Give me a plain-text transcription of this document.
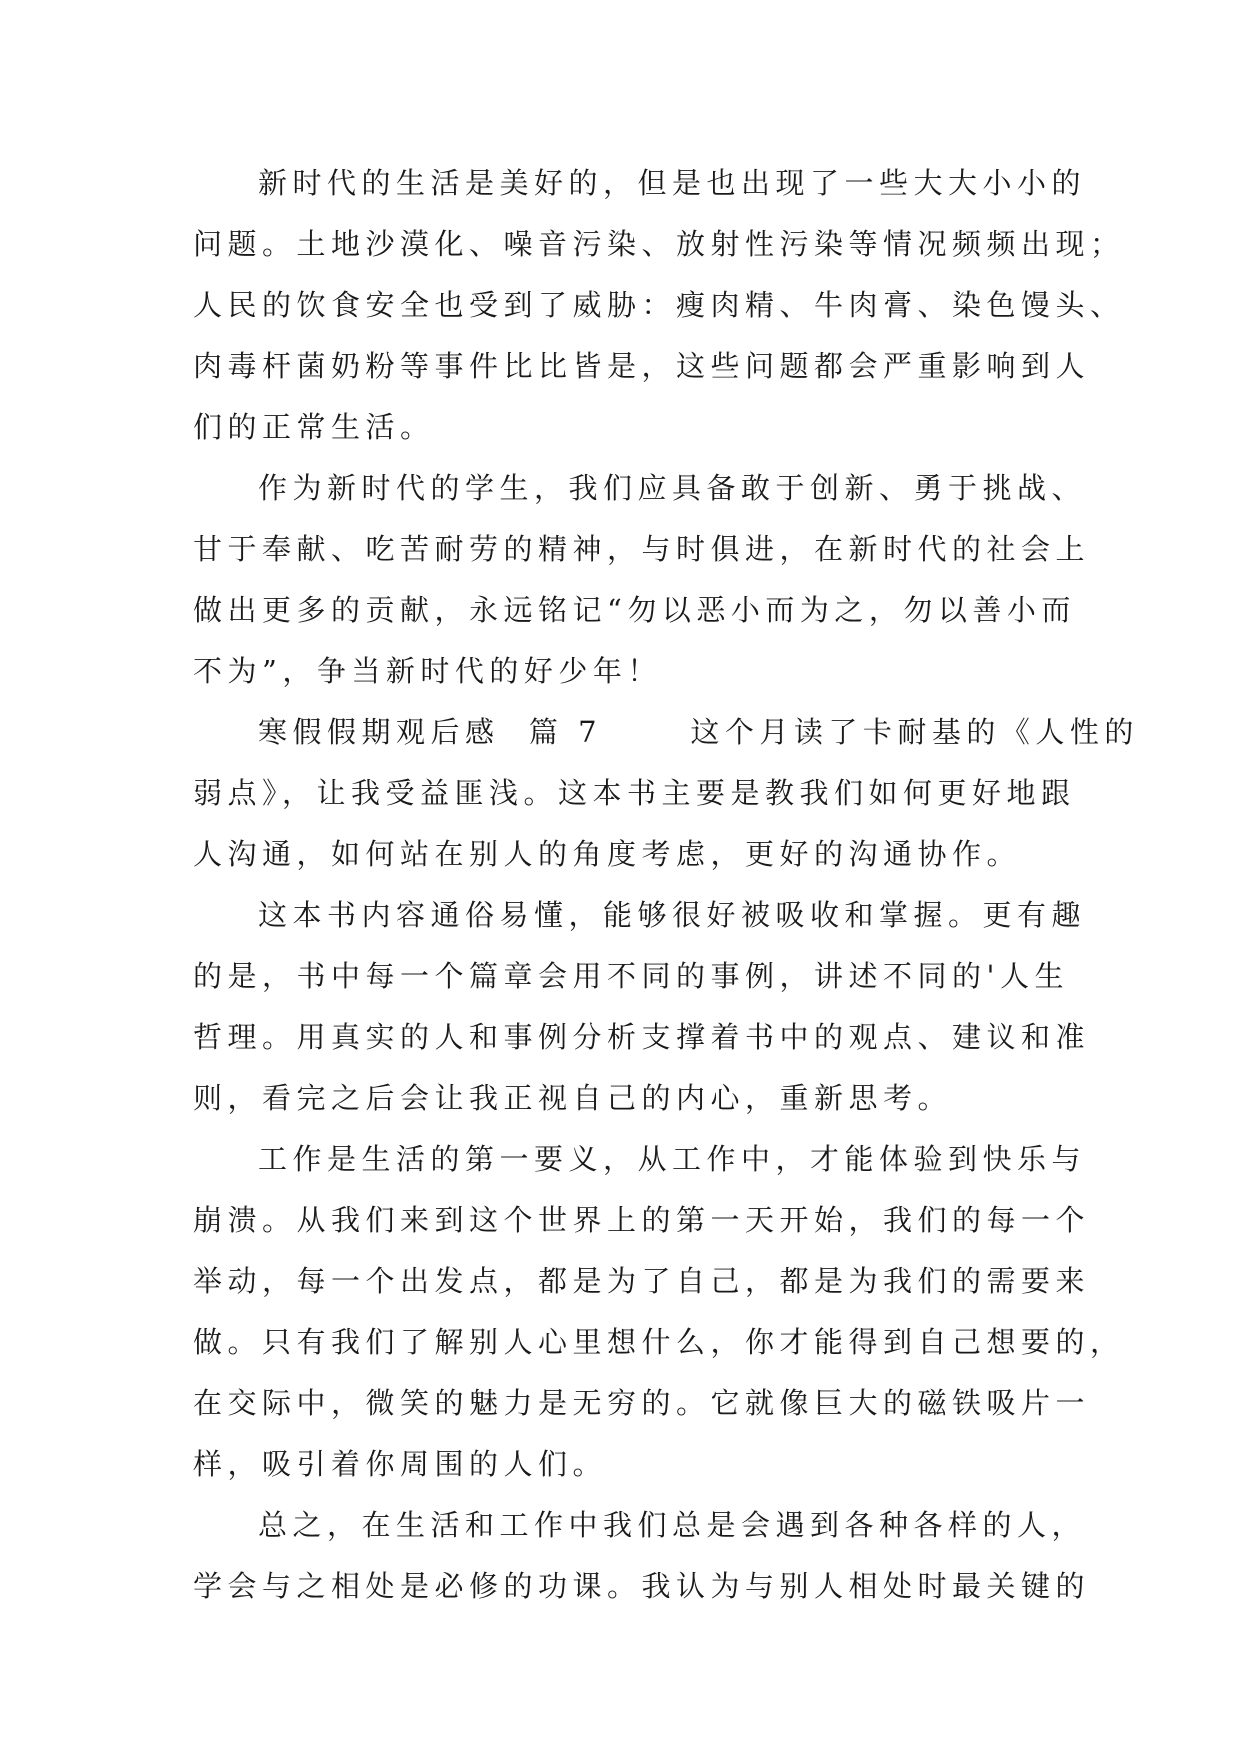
新时代的生活是美好的，但是也出现了一些大大小小的
问题。土地沙漠化、噪音污染、放射性污染等情况频频出现；
人民的饮食安全也受到了威胁：瘦肉精、牛肉膏、染色馒头、
肉毒杆菌奶粉等事件比比皆是，这些问题都会严重影响到人
们的正常生活。
作为新时代的学生，我们应具备敢于创新、勇于挑战、
甘于奉献、吃苦耐劳的精神，与时俱进，在新时代的社会上
做出更多的贡献，永远铭记“勿以恶小而为之，勿以善小而
不为”，争当新时代的好少年！
寒假假期观后感  篇 7      这个月读了卡耐基的《人性的
弱点》，让我受益匪浅。这本书主要是教我们如何更好地跟
人沟通，如何站在别人的角度考虑，更好的沟通协作。
这本书内容通俗易懂，能够很好被吸收和掌握。更有趣
的是，书中每一个篇章会用不同的事例，讲述不同的'人生
哲理。用真实的人和事例分析支撑着书中的观点、建议和准
则，看完之后会让我正视自己的内心，重新思考。
工作是生活的第一要义，从工作中，才能体验到快乐与
崩溃。从我们来到这个世界上的第一天开始，我们的每一个
举动，每一个出发点，都是为了自己，都是为我们的需要来
做。只有我们了解别人心里想什么，你才能得到自己想要的，
在交际中，微笑的魅力是无穷的。它就像巨大的磁铁吸片一
样，吸引着你周围的人们。
总之，在生活和工作中我们总是会遇到各种各样的人，
学会与之相处是必修的功课。我认为与别人相处时最关键的
